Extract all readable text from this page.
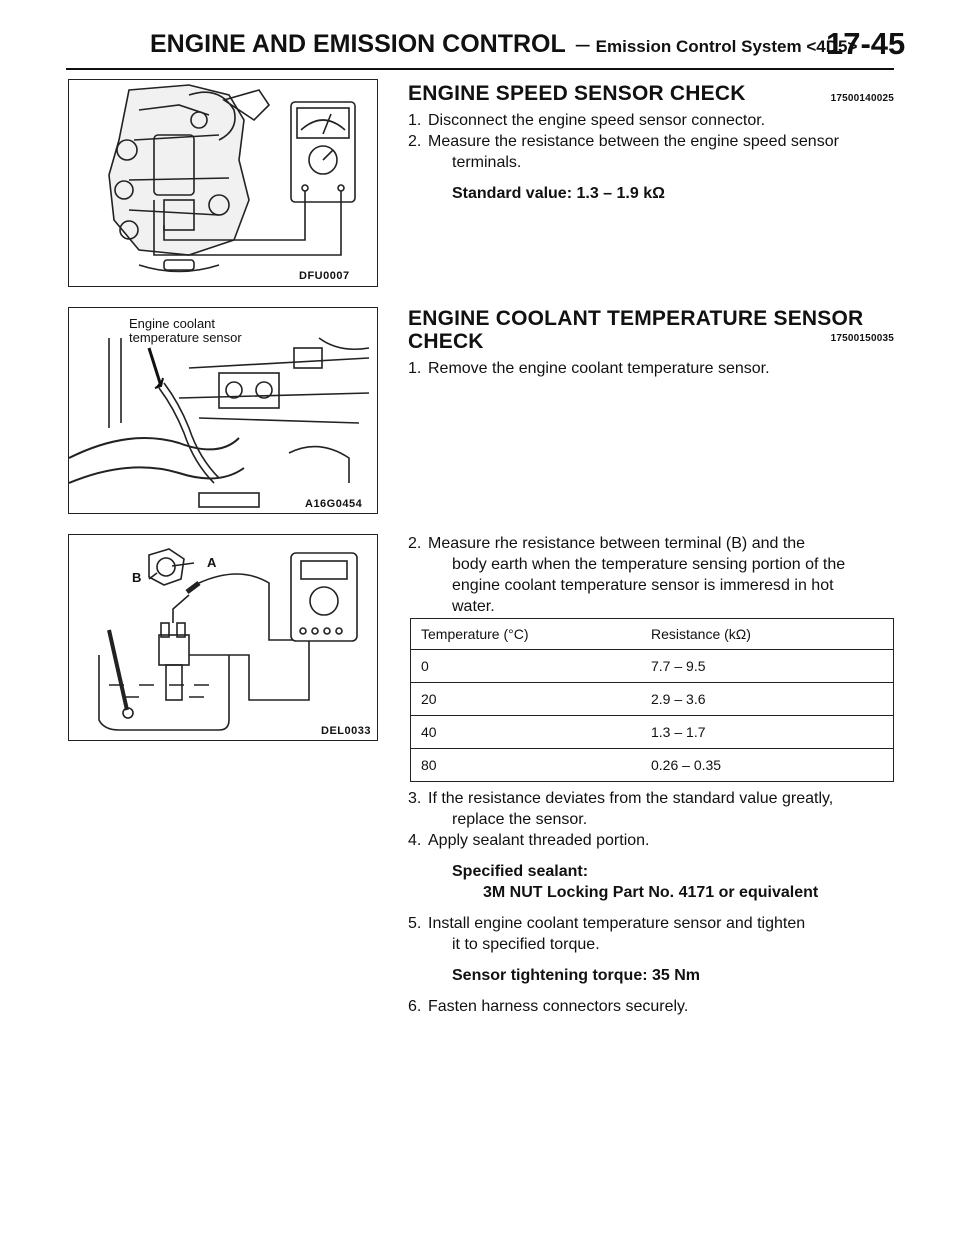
ENGINE AND EMISSION CONTROL – Emission Control System <4D5>
17-45
DFU0007
Engine coolant
temperature sensor
A16G0454
A
B
DEL0033
ENGINE SPEED SENSOR CHECK	17500140025
1. Disconnect the engine speed sensor connector.
2. Measure the resistance between the engine speed sensor
terminals.
Standard value: 1.3 – 1.9 kΩ
ENGINE COOLANT TEMPERATURE SENSOR
CHECK	17500150035
1. Remove the engine coolant temperature sensor.
2. Measure rhe resistance between terminal (B) and the
body earth when the temperature sensing portion of the
engine coolant temperature sensor is immeresd in hot
water.
Temperature (°C)	Resistance (kΩ)
0	7.7 – 9.5
20	2.9 – 3.6
40	1.3 – 1.7
80	0.26 – 0.35
3. If the resistance deviates from the standard value greatly,
replace the sensor.
4. Apply sealant threaded portion.
Specified sealant:
3M NUT Locking Part No. 4171 or equivalent
5. Install engine coolant temperature sensor and tighten
it to specified torque.
Sensor tightening torque: 35 Nm
6. Fasten harness connectors securely.
